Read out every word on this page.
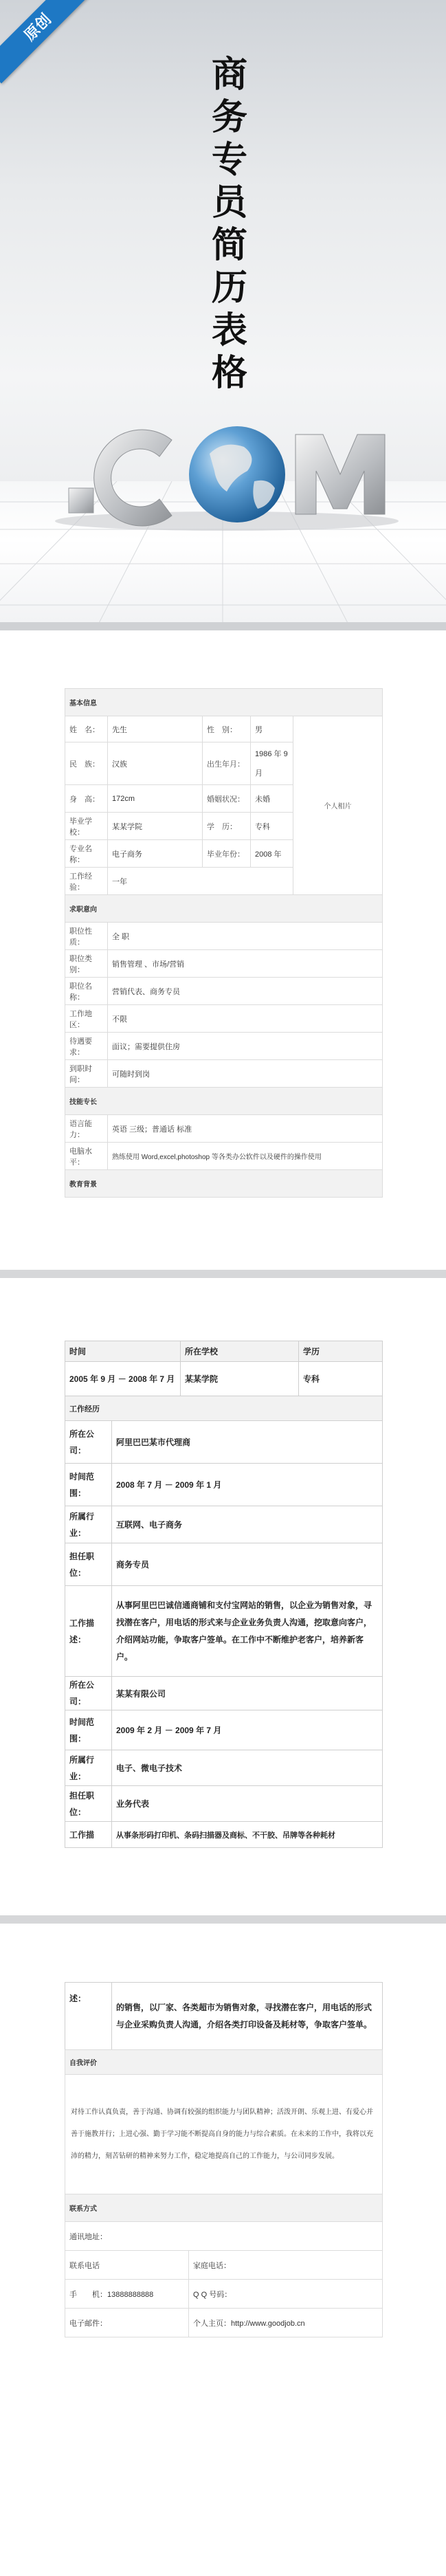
原创
商
务
专
员
简
历
表
格
基本信息				
姓　名：	先生	性　别：	男	个人相片
民　族：	汉族	出生年月：	1986 年 9 月	
身　高：	172cm	婚姻状况：	未婚	
毕业学校：	某某学院	学　历：	专科	
专业名称：	电子商务	毕业年份：	2008 年	
工作经验：	一年			
求职意向				
职位性质：	全 职			
职位类别：	销售管理 、市场/营销			
职位名称：	营销代表、商务专员			
工作地区：	不限			
待遇要求：	面议；需要提供住房			
到职时间：	可随时到岗			
技能专长				
语言能力：	英语 三级；普通话 标准			
电脑水平：	熟练使用 Word,excel,photoshop 等各类办公软件以及硬件的操作使用			
教育背景				
时间		所在学校	学历
2005 年 9 月 － 2008 年 7 月		某某学院	专科
工作经历			
所在公司：	阿里巴巴某市代理商		
时间范围：	2008 年 7 月 － 2009 年 1 月		
所属行业：	互联网、电子商务		
担任职位：	商务专员		
工作描述：	从事阿里巴巴诚信通商铺和支付宝网站的销售，以企业为销售对象，寻找潜在客户，用电话的形式来与企业业务负责人沟通，挖取意向客户，介绍网站功能，争取客户签单。在工作中不断维护老客户，培养新客户。		
所在公司：	某某有限公司		
时间范围：	2009 年 2 月 － 2009 年 7 月		
所属行业：	电子、微电子技术		
担任职位：	业务代表		
工作描	从事条形码打印机、条码扫描器及商标、不干胶、吊牌等各种耗材		
述：	的销售，以厂家、各类超市为销售对象，寻找潜在客户，用电话的形式与企业采购负责人沟通，介绍各类打印设备及耗材等，争取客户签单。
自我评价	
对待工作认真负责，善于沟通、协调有较强的组织能力与团队精神；活泼开朗、乐观上进、有爱心并善于施教并行；上进心强、勤于学习能不断提高自身的能力与综合素质。在未来的工作中，我将以充沛的精力，刻苦钻研的精神来努力工作，稳定地提高自己的工作能力，与公司同步发展。	
联系方式	
通讯地址：	
联系电话	家庭电话：
手　　机：13888888888	Q Q 号码：
电子邮件：	个人主页：http://www.goodjob.cn
